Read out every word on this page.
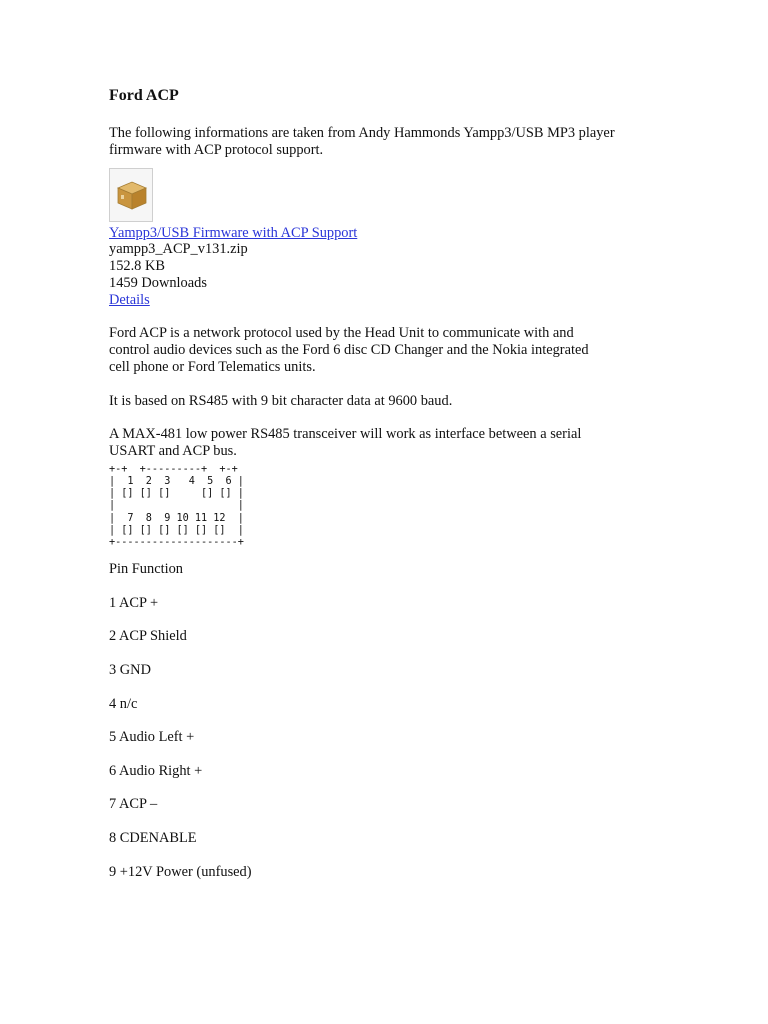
Ford ACP

The following informations are taken from Andy Hammonds Yampp3/USB MP3 player firmware with ACP protocol support.

Yampp3/USB Firmware with ACP Support

yampp3_ACP_v131.zip

152.8 KB

1459 Downloads

Details

Ford ACP is a network protocol used by the Head Unit to communicate with and control audio devices such as the Ford 6 disc CD Changer and the Nokia integrated cell phone or Ford Telematics units.

It is based on RS485 with 9 bit character data at 9600 baud.

A MAX-481 low power RS485 transceiver will work as interface between a serial USART and ACP bus.

+-+  +---------+  +-+
|  1  2  3   4  5  6 |
| [] [] []     [] [] |
|                    |
|  7  8  9 10 11 12  |
| [] [] [] [] [] []  |
+--------------------+

Pin Function

1 ACP +

2 ACP Shield

3 GND

4 n/c

5 Audio Left +

6 Audio Right +

7 ACP –

8 CDENABLE

9 +12V Power (unfused)
